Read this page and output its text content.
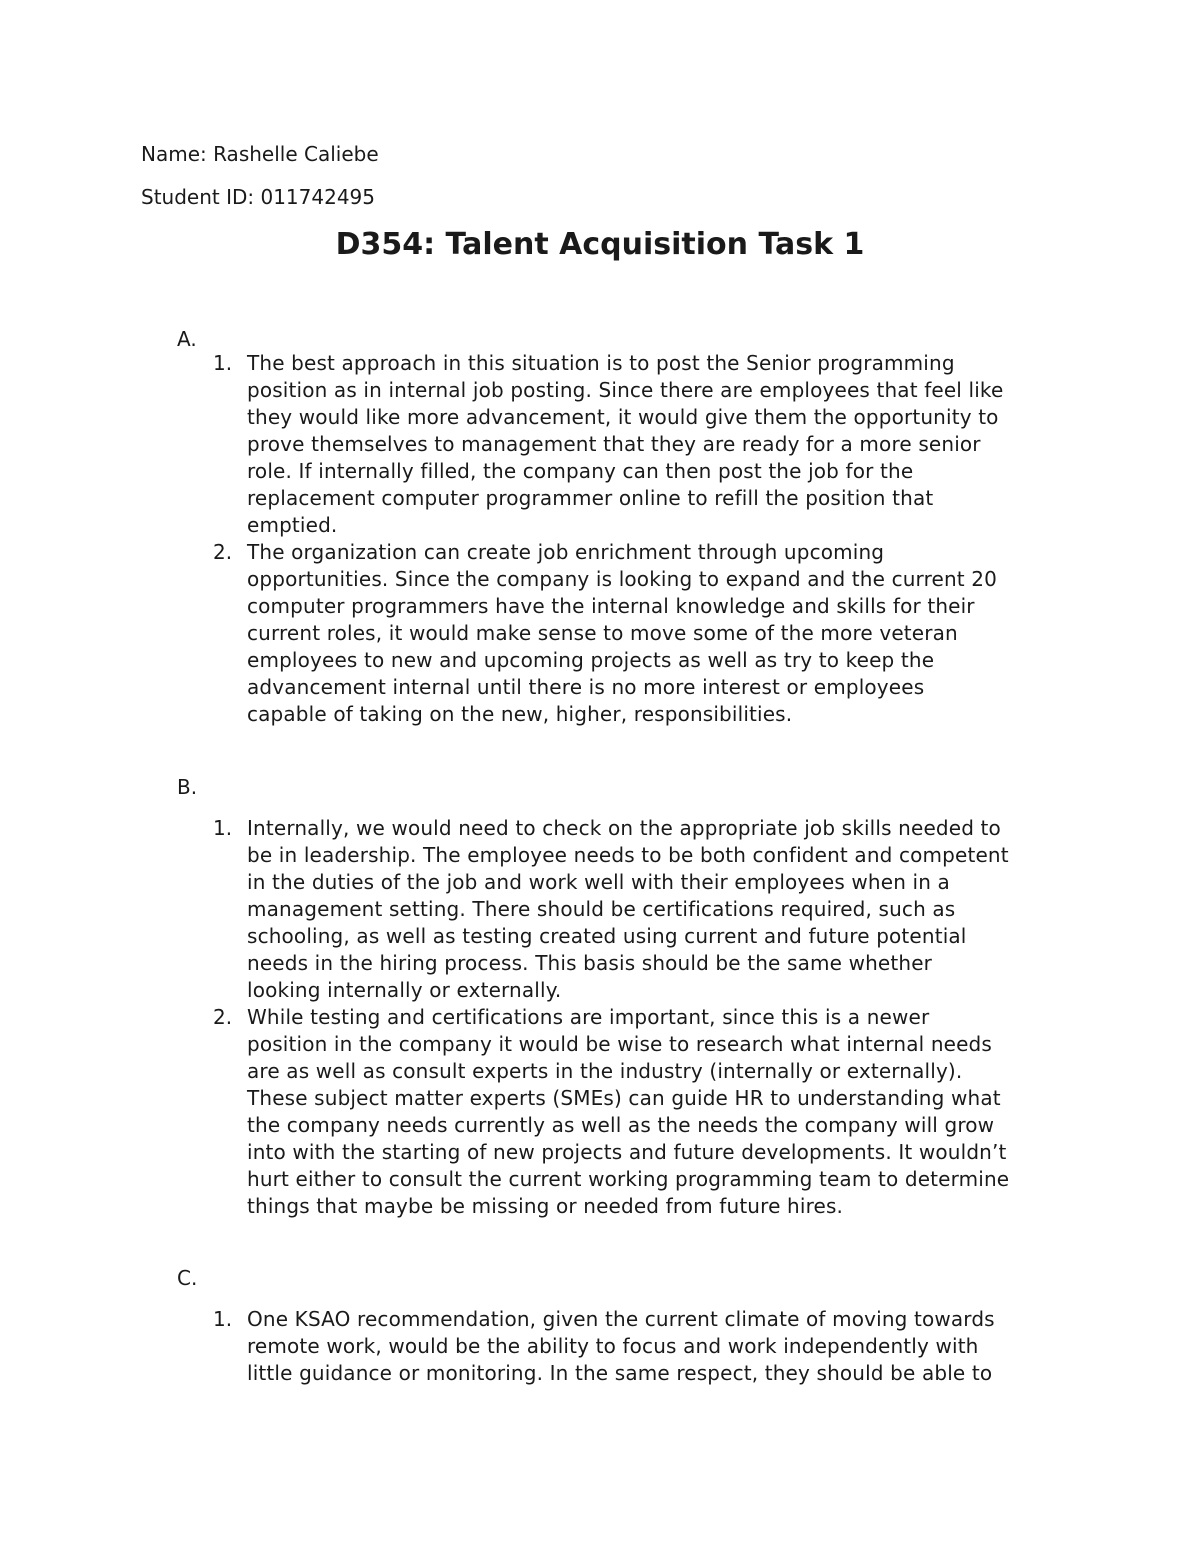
Name: Rashelle Caliebe
Student ID: 011742495
D354: Talent Acquisition Task 1
A.
1. The best approach in this situation is to post the Senior programming
position as in internal job posting. Since there are employees that feel like
they would like more advancement, it would give them the opportunity to
prove themselves to management that they are ready for a more senior
role. If internally filled, the company can then post the job for the
replacement computer programmer online to refill the position that
emptied.
2. The organization can create job enrichment through upcoming
opportunities. Since the company is looking to expand and the current 20
computer programmers have the internal knowledge and skills for their
current roles, it would make sense to move some of the more veteran
employees to new and upcoming projects as well as try to keep the
advancement internal until there is no more interest or employees
capable of taking on the new, higher, responsibilities.
B.
1. Internally, we would need to check on the appropriate job skills needed to
be in leadership. The employee needs to be both confident and competent
in the duties of the job and work well with their employees when in a
management setting. There should be certifications required, such as
schooling, as well as testing created using current and future potential
needs in the hiring process. This basis should be the same whether
looking internally or externally.
2. While testing and certifications are important, since this is a newer
position in the company it would be wise to research what internal needs
are as well as consult experts in the industry (internally or externally).
These subject matter experts (SMEs) can guide HR to understanding what
the company needs currently as well as the needs the company will grow
into with the starting of new projects and future developments. It wouldn’t
hurt either to consult the current working programming team to determine
things that maybe be missing or needed from future hires.
C.
1. One KSAO recommendation, given the current climate of moving towards
remote work, would be the ability to focus and work independently with
little guidance or monitoring. In the same respect, they should be able to
